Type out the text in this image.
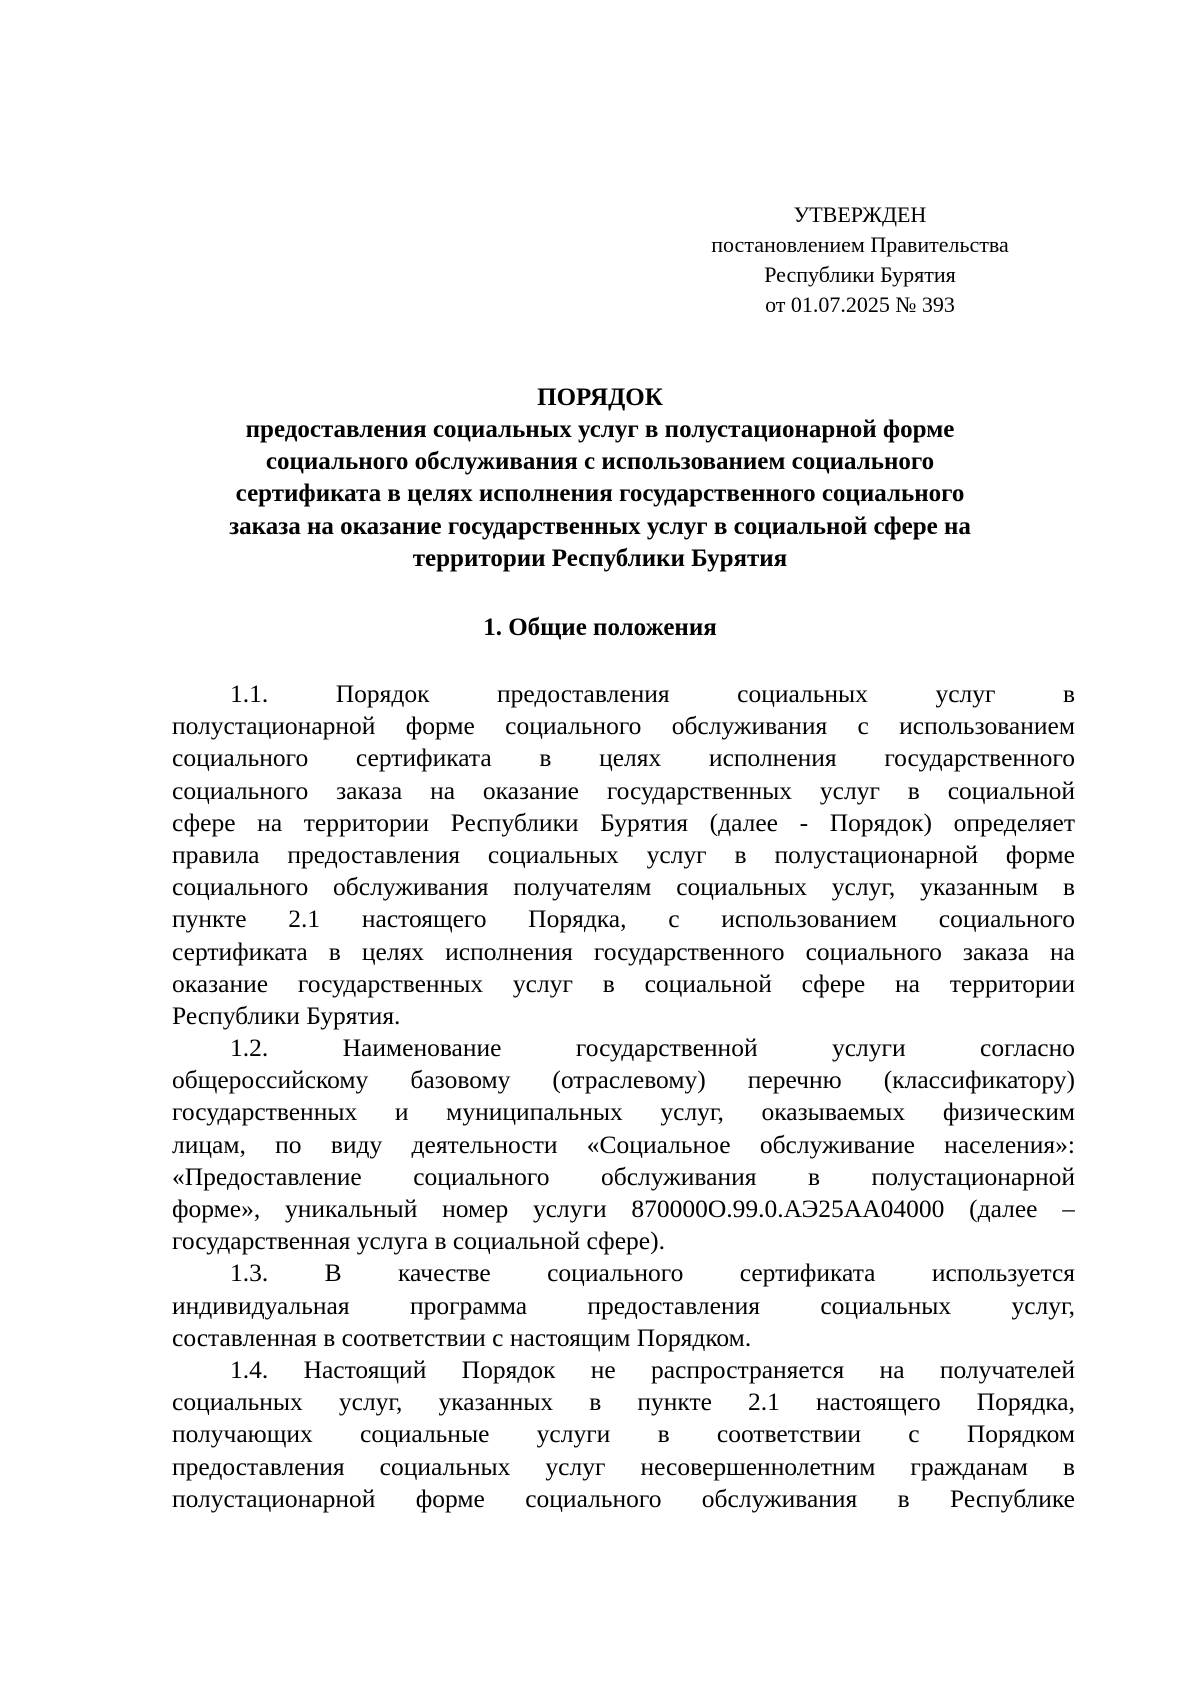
УТВЕРЖДЕН
постановлением Правительства
Республики Бурятия
от 01.07.2025 № 393
ПОРЯДОК
предоставления социальных услуг в полустационарной форме
социального обслуживания с использованием социального
сертификата в целях исполнения государственного социального
заказа на оказание государственных услуг в социальной сфере на
территории Республики Бурятия
1. Общие положения
1.1. Порядок предоставления социальных услуг в
полустационарной форме социального обслуживания с использованием
социального сертификата в целях исполнения государственного
социального заказа на оказание государственных услуг в социальной
сфере на территории Республики Бурятия (далее - Порядок) определяет
правила предоставления социальных услуг в полустационарной форме
социального обслуживания получателям социальных услуг, указанным в
пункте 2.1 настоящего Порядка, с использованием социального
сертификата в целях исполнения государственного социального заказа на
оказание государственных услуг в социальной сфере на территории
Республики Бурятия.
1.2. Наименование государственной услуги согласно
общероссийскому базовому (отраслевому) перечню (классификатору)
государственных и муниципальных услуг, оказываемых физическим
лицам, по виду деятельности «Социальное обслуживание населения»:
«Предоставление социального обслуживания в полустационарной
форме», уникальный номер услуги 870000О.99.0.АЭ25АА04000 (далее –
государственная услуга в социальной сфере).
1.3. В качестве социального сертификата используется
индивидуальная программа предоставления социальных услуг,
составленная в соответствии с настоящим Порядком.
1.4. Настоящий Порядок не распространяется на получателей
социальных услуг, указанных в пункте 2.1 настоящего Порядка,
получающих социальные услуги в соответствии с Порядком
предоставления социальных услуг несовершеннолетним гражданам в
полустационарной форме социального обслуживания в Республике
